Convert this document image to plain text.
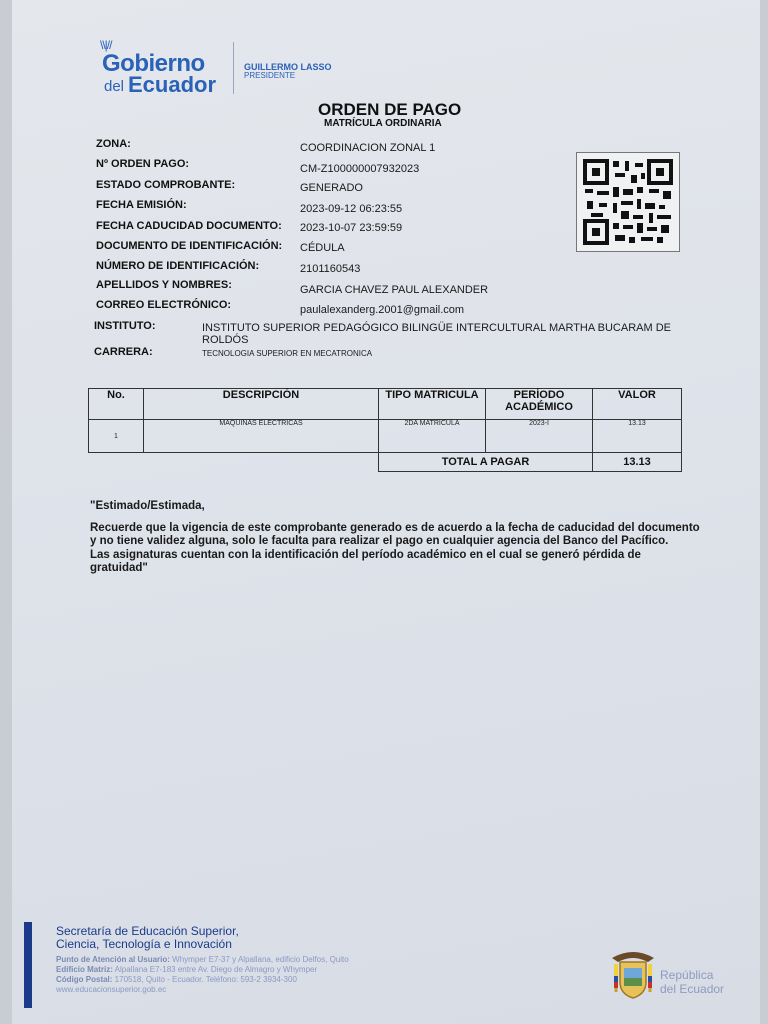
\\|//
Gobierno
del Ecuador
GUILLERMO LASSO
PRESIDENTE
ORDEN DE PAGO
MATRÍCULA ORDINARIA
ZONA:	COORDINACION ZONAL 1
Nº ORDEN PAGO:	CM-Z100000007932023
ESTADO COMPROBANTE:	GENERADO
FECHA EMISIÓN:	2023-09-12 06:23:55
FECHA CADUCIDAD DOCUMENTO: 2023-10-07 23:59:59
DOCUMENTO DE IDENTIFICACIÓN: CÉDULA
NÚMERO DE IDENTIFICACIÓN:	2101160543
APELLIDOS Y NOMBRES:	GARCIA CHAVEZ PAUL ALEXANDER
CORREO ELECTRÓNICO:	paulalexanderg.2001@gmail.com
INSTITUTO:	INSTITUTO SUPERIOR PEDAGÓGICO BILINGÜE INTERCULTURAL MARTHA BUCARAM DE ROLDÓS
CARRERA:	TECNOLOGIA SUPERIOR EN MECATRONICA
No.	DESCRIPCIÓN	TIPO MATRICULA	PERÍODO ACADÉMICO	VALOR
1	MAQUINAS ELECTRICAS	2DA MATRICULA	2023-I	13.13
		TOTAL A PAGAR		13.13

"Estimado/Estimada,

Recuerde que la vigencia de este comprobante generado es de acuerdo a la fecha de caducidad del documento y no tiene validez alguna, solo le faculta para realizar el pago en cualquier agencia del Banco del Pacífico.

Las asignaturas cuentan con la identificación del período académico en el cual se generó pérdida de gratuidad"

Secretaría de Educación Superior,
Ciencia, Tecnología e Innovación
Punto de Atención al Usuario: Whymper E7-37 y Alpallana, edificio Delfos, Quito
Edificio Matriz: Alpallana E7-183 entre Av. Diego de Almagro y Whymper
Código Postal: 170518, Quito - Ecuador. Teléfono: 593-2 3934-300
www.educacionsuperior.gob.ec
República
del Ecuador
